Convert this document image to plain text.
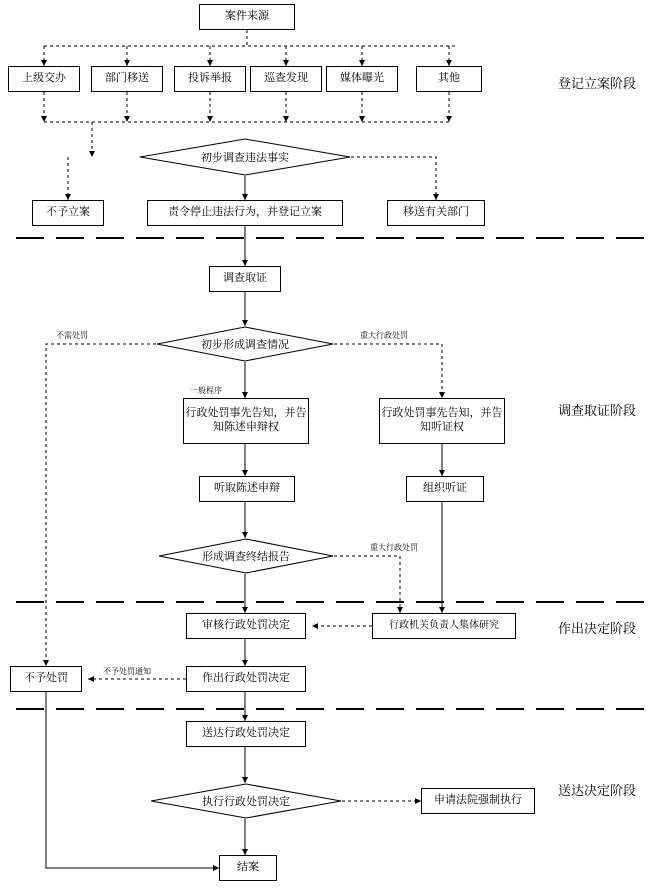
案件来源
上级交办	部门移送	投诉举报	巡查发现	媒体曝光	其他
初步调查违法事实
不予立案	责令停止违法行为，并登记立案	移送有关部门
调查取证
初步形成调查情况
行政处罚事先告知，并告知陈述申辩权
行政处罚事先告知，并告知听证权
听取陈述申辩	组织听证
形成调查终结报告
审核行政处罚决定	行政机关负责人集体研究
不予处罚	作出行政处罚决定
送达行政处罚决定
执行行政处罚决定	申请法院强制执行
结案
登记立案阶段
调查取证阶段
作出决定阶段
送达决定阶段
不需处罚	重大行政处罚
一般程序
重大行政处罚
不予处罚通知
